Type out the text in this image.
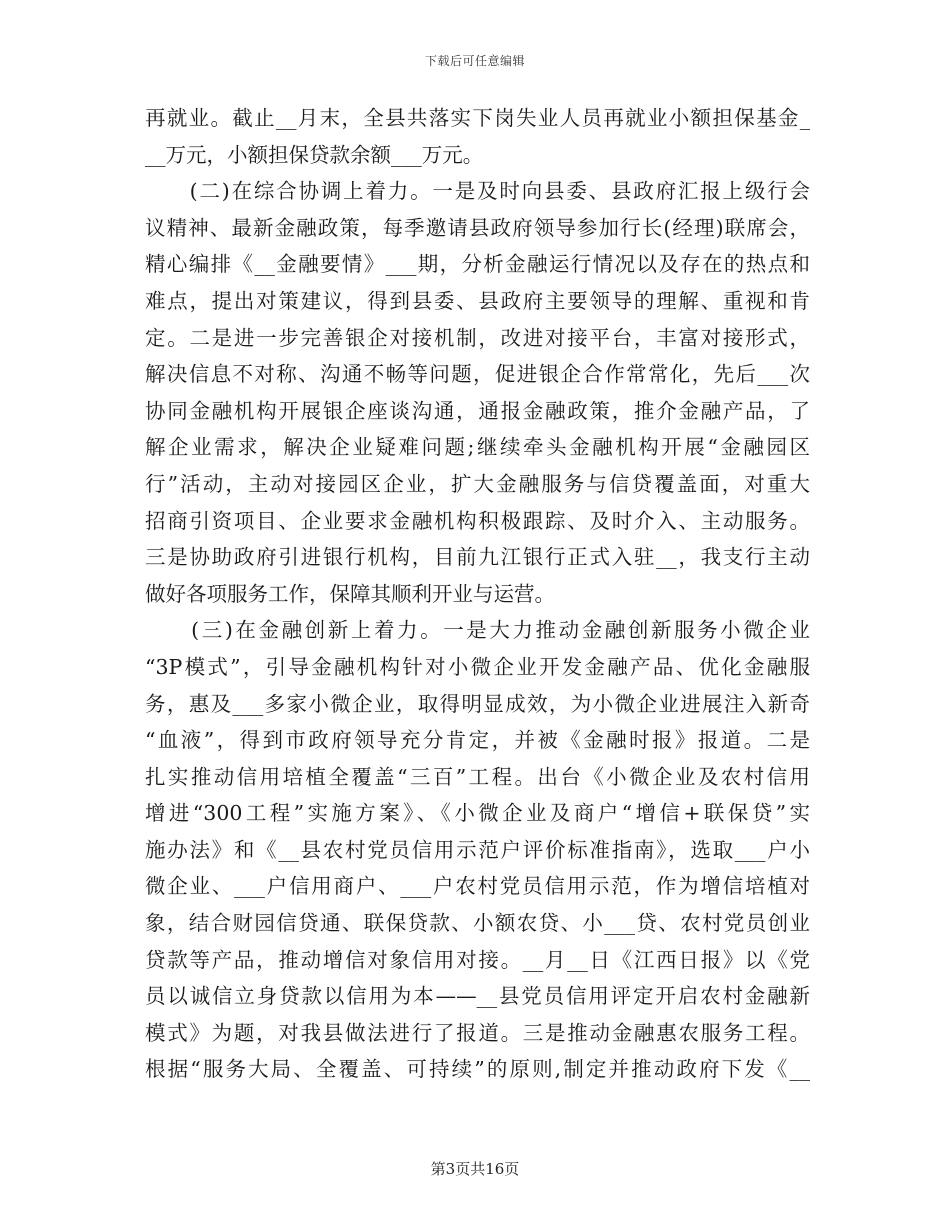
下载后可任意编辑
再就业。截止__月末，全县共落实下岗失业人员再就业小额担保基金_
__万元，小额担保贷款余额___万元。
　　(二)在综合协调上着力。一是及时向县委、县政府汇报上级行会
议精神、最新金融政策，每季邀请县政府领导参加行长(经理)联席会，
精心编排《__金融要情》___期，分析金融运行情况以及存在的热点和
难点，提出对策建议，得到县委、县政府主要领导的理解、重视和肯
定。二是进一步完善银企对接机制，改进对接平台，丰富对接形式，
解决信息不对称、沟通不畅等问题，促进银企合作常常化，先后___次
协同金融机构开展银企座谈沟通，通报金融政策，推介金融产品，了
解企业需求，解决企业疑难问题;继续牵头金融机构开展“金融园区
行”活动，主动对接园区企业，扩大金融服务与信贷覆盖面，对重大
招商引资项目、企业要求金融机构积极跟踪、及时介入、主动服务。
三是协助政府引进银行机构，目前九江银行正式入驻__，我支行主动
做好各项服务工作，保障其顺利开业与运营。
　　(三)在金融创新上着力。一是大力推动金融创新服务小微企业
“3P模式”，引导金融机构针对小微企业开发金融产品、优化金融服
务，惠及___多家小微企业，取得明显成效，为小微企业进展注入新奇
“血液”，得到市政府领导充分肯定，并被《金融时报》报道。二是
扎实推动信用培植全覆盖“三百”工程。出台《小微企业及农村信用
增进“300工程”实施方案》、《小微企业及商户“增信+联保贷”实
施办法》和《__县农村党员信用示范户评价标准指南》，选取___户小
微企业、___户信用商户、___户农村党员信用示范，作为增信培植对
象，结合财园信贷通、联保贷款、小额农贷、小___贷、农村党员创业
贷款等产品，推动增信对象信用对接。__月__日《江西日报》以《党
员以诚信立身贷款以信用为本——__县党员信用评定开启农村金融新
模式》为题，对我县做法进行了报道。三是推动金融惠农服务工程。
根据“服务大局、全覆盖、可持续”的原则,制定并推动政府下发《__
第3页共16页
